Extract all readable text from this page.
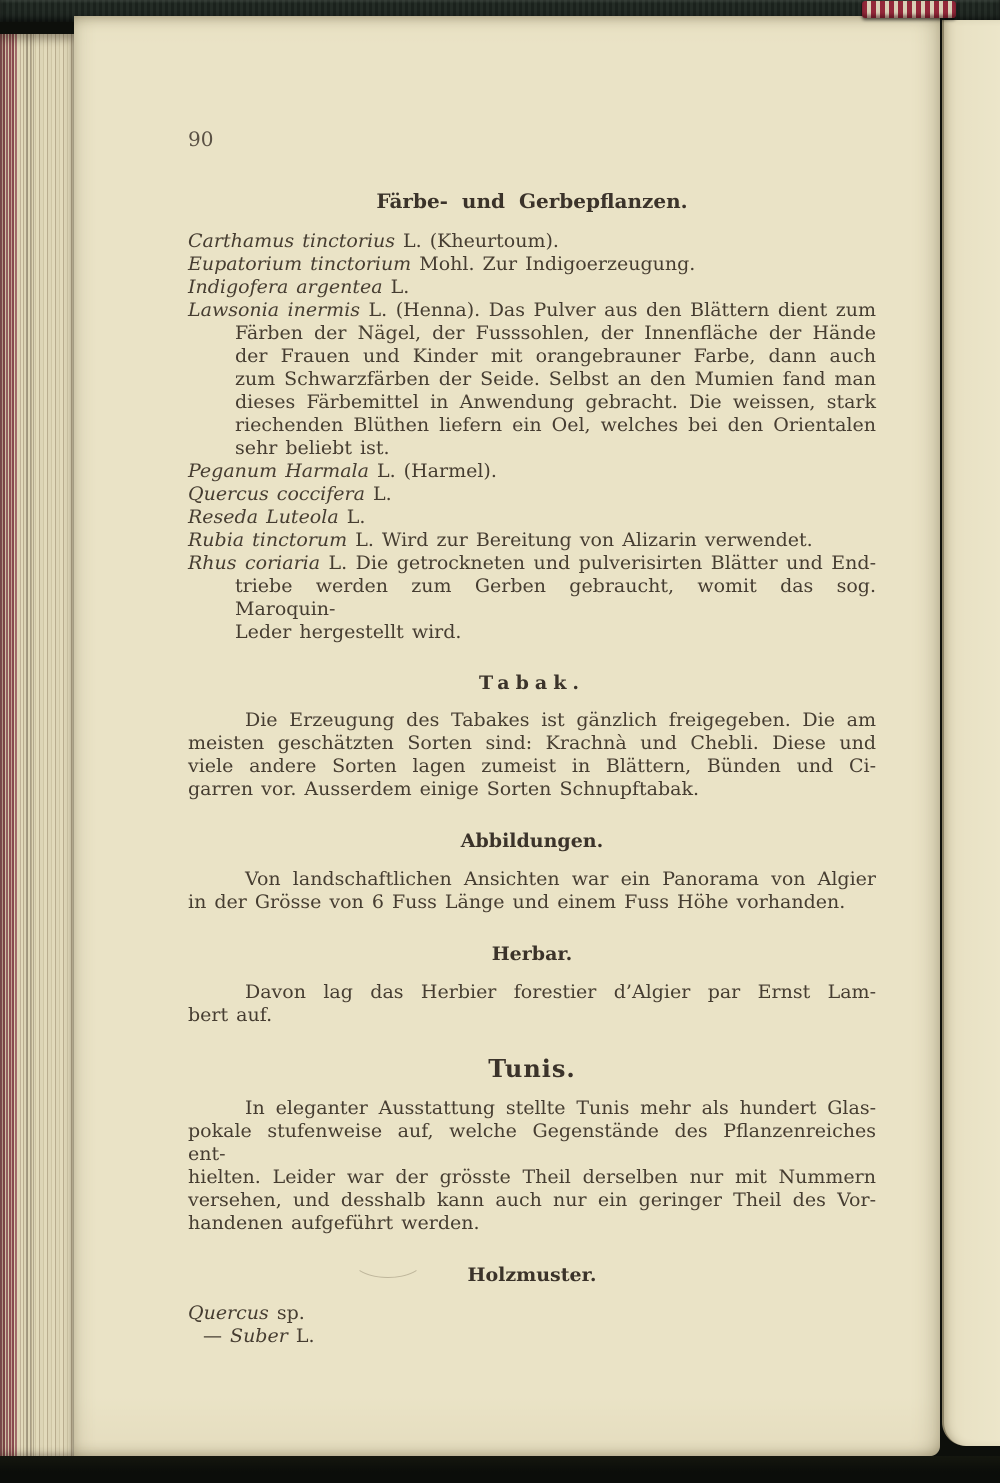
90
Färbe- und Gerbepflanzen.
Carthamus tinctorius L. (Kheurtoum).
Eupatorium tinctorium Mohl. Zur Indigoerzeugung.
Indigofera argentea L.
Lawsonia inermis L. (Henna). Das Pulver aus den Blättern dient zum
Färben der Nägel, der Fusssohlen, der Innenfläche der Hände
der Frauen und Kinder mit orangebrauner Farbe, dann auch
zum Schwarzfärben der Seide. Selbst an den Mumien fand man
dieses Färbemittel in Anwendung gebracht. Die weissen, stark
riechenden Blüthen liefern ein Oel, welches bei den Orientalen
sehr beliebt ist.
Peganum Harmala L. (Harmel).
Quercus coccifera L.
Reseda Luteola L.
Rubia tinctorum L. Wird zur Bereitung von Alizarin verwendet.
Rhus coriaria L. Die getrockneten und pulverisirten Blätter und End-
triebe werden zum Gerben gebraucht, womit das sog. Maroquin-
Leder hergestellt wird.
Tabak.
Die Erzeugung des Tabakes ist gänzlich freigegeben. Die am
meisten geschätzten Sorten sind: Krachnà und Chebli. Diese und
viele andere Sorten lagen zumeist in Blättern, Bünden und Ci-
garren vor. Ausserdem einige Sorten Schnupftabak.
Abbildungen.
Von landschaftlichen Ansichten war ein Panorama von Algier
in der Grösse von 6 Fuss Länge und einem Fuss Höhe vorhanden.
Herbar.
Davon lag das Herbier forestier d’Algier par Ernst Lam-
bert auf.
Tunis.
In eleganter Ausstattung stellte Tunis mehr als hundert Glas-
pokale stufenweise auf, welche Gegenstände des Pflanzenreiches ent-
hielten. Leider war der grösste Theil derselben nur mit Nummern
versehen, und desshalb kann auch nur ein geringer Theil des Vor-
handenen aufgeführt werden.
Holzmuster.
Quercus sp.
— Suber L.
